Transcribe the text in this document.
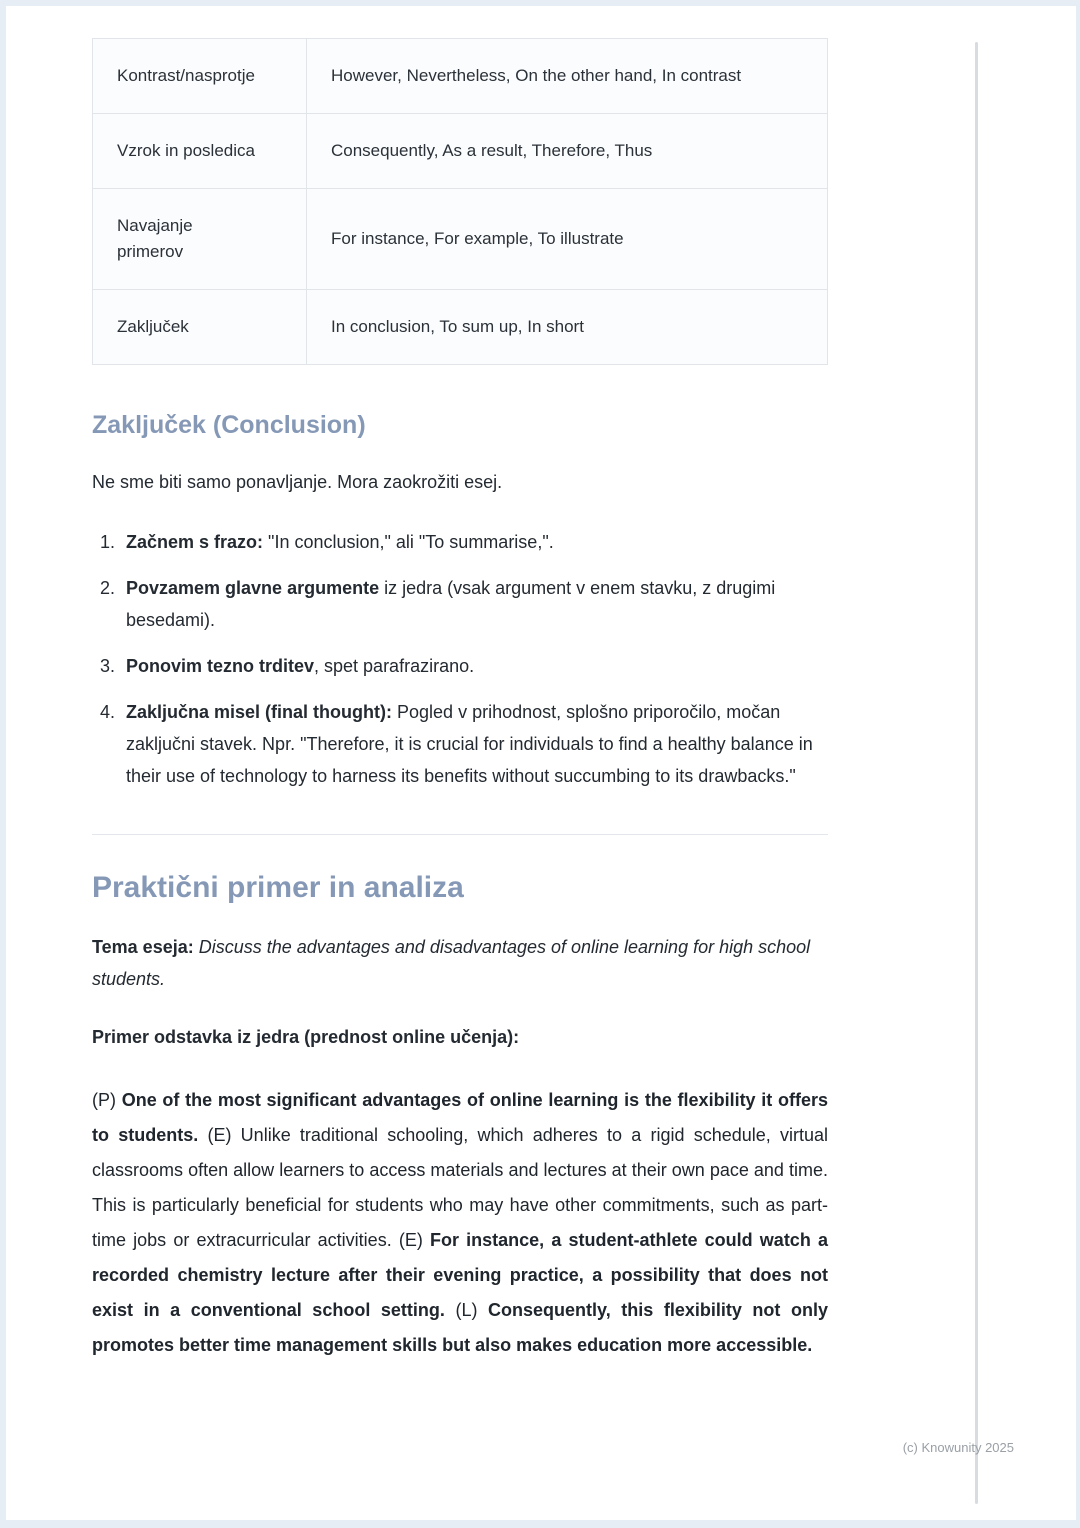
Kontrast/nasprotje	However, Nevertheless, On the other hand, In contrast
Vzrok in posledica	Consequently, As a result, Therefore, Thus
Navajanje primerov	For instance, For example, To illustrate
Zaključek	In conclusion, To sum up, In short
Zaključek (Conclusion)

Ne sme biti samo ponavljanje. Mora zaokrožiti esej.

Začnem s frazo: "In conclusion," ali "To summarise,".
Povzamem glavne argumente iz jedra (vsak argument v enem stavku, z drugimi besedami).
Ponovim tezno trditev, spet parafrazirano.
Zaključna misel (final thought): Pogled v prihodnost, splošno priporočilo, močan zaključni stavek. Npr. "Therefore, it is crucial for individuals to find a healthy balance in their use of technology to harness its benefits without succumbing to its drawbacks."
Praktični primer in analiza

Tema eseja: Discuss the advantages and disadvantages of online learning for high school students.

Primer odstavka iz jedra (prednost online učenja):

(P) One of the most significant advantages of online learning is the flexibility it offers to students. (E) Unlike traditional schooling, which adheres to a rigid schedule, virtual classrooms often allow learners to access materials and lectures at their own pace and time. This is particularly beneficial for students who may have other commitments, such as part-time jobs or extracurricular activities. (E) For instance, a student-athlete could watch a recorded chemistry lecture after their evening practice, a possibility that does not exist in a conventional school setting. (L) Consequently, this flexibility not only promotes better time management skills but also makes education more accessible.

(c) Knowunity 2025
